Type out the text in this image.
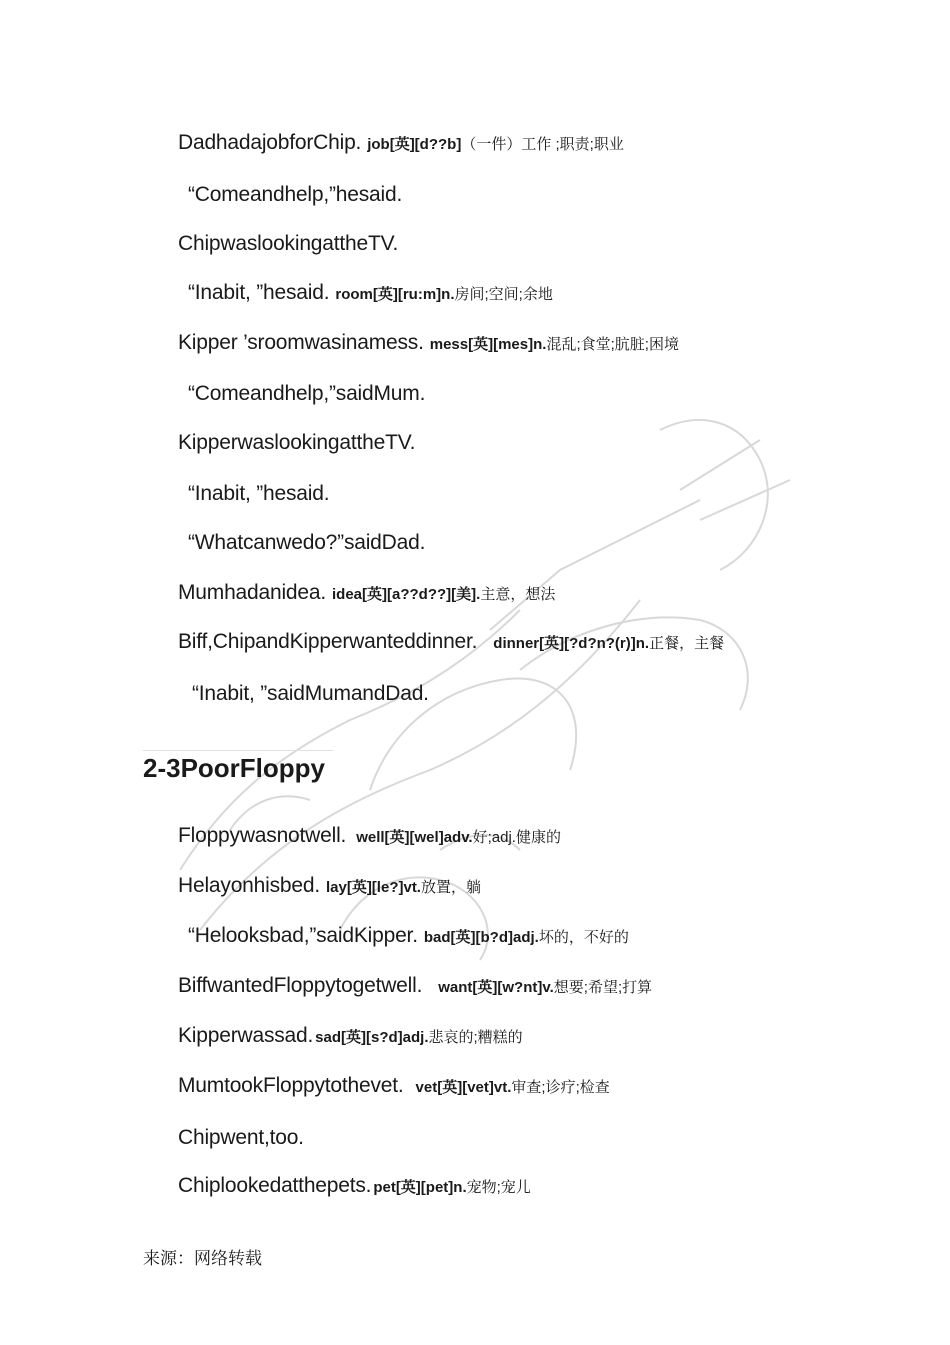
DadhadajobforChip. job[英][d??b]（一件）工作 ;职责;职业
“Comeandhelp,”hesaid.
ChipwaslookingattheTV.
“Inabit, ”hesaid. room[英][ru:m]n.房间;空间;余地
Kipper ’sroomwasinamess. mess[英][mes]n.混乱;食堂;肮脏;困境
“Comeandhelp,”saidMum.
KipperwaslookingattheTV.
“Inabit, ”hesaid.
“Whatcanwedo?”saidDad.
Mumhadanidea. idea[英][a??d??][美].主意，想法
Biff,ChipandKipperwanteddinner. dinner[英][?d?n?(r)]n.正餐，主餐
“Inabit, ”saidMumandDad.
2-3PoorFloppy
Floppywasnotwell. well[英][wel]adv.好;adj.健康的
Helayonhisbed. lay[英][le?]vt.放置，躺
“Helooksbad,”saidKipper. bad[英][b?d]adj.坏的，不好的
BiffwantedFloppytogetwell. want[英][w?nt]v.想要;希望;打算
Kipperwassad. sad[英][s?d]adj.悲哀的;糟糕的
MumtookFloppytothevet. vet[英][vet]vt.审查;诊疗;检查
Chipwent,too.
Chiplookedatthepets. pet[英][pet]n.宠物;宠儿
来源：网络转载
